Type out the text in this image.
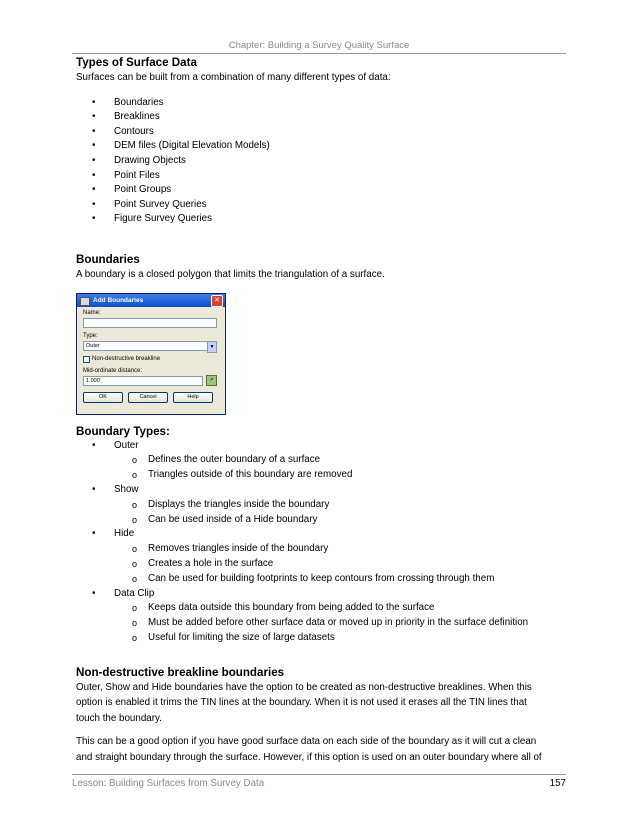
Chapter: Building a Survey Quality Surface
Types of Surface Data

Surfaces can be built from a combination of many different types of data:

• Boundaries
• Breaklines
• Contours
• DEM files (Digital Elevation Models)
• Drawing Objects
• Point Files
• Point Groups
• Point Survey Queries
• Figure Survey Queries
Boundaries

A boundary is a closed polygon that limits the triangulation of a surface.

Add Boundaries	✕
Name:
Type:
Outer	▼
Non-destructive breakline
Mid-ordinate distance:
1.000'	↗
OK	Cancel	Help
Boundary Types:
• Outer
o Defines the outer boundary of a surface
o Triangles outside of this boundary are removed
• Show
o Displays the triangles inside the boundary
o Can be used inside of a Hide boundary
• Hide
o Removes triangles inside of the boundary
o Creates a hole in the surface
o Can be used for building footprints to keep contours from crossing through them
• Data Clip
o Keeps data outside this boundary from being added to the surface
o Must be added before other surface data or moved up in priority in the surface definition
o Useful for limiting the size of large datasets
Non-destructive breakline boundaries

Outer, Show and Hide boundaries have the option to be created as non-destructive breaklines. When this
option is enabled it trims the TIN lines at the boundary. When it is not used it erases all the TIN lines that
touch the boundary.

This can be a good option if you have good surface data on each side of the boundary as it will cut a clean
and straight boundary through the surface. However, if this option is used on an outer boundary where all of

Lesson: Building Surfaces from Survey Data	157
